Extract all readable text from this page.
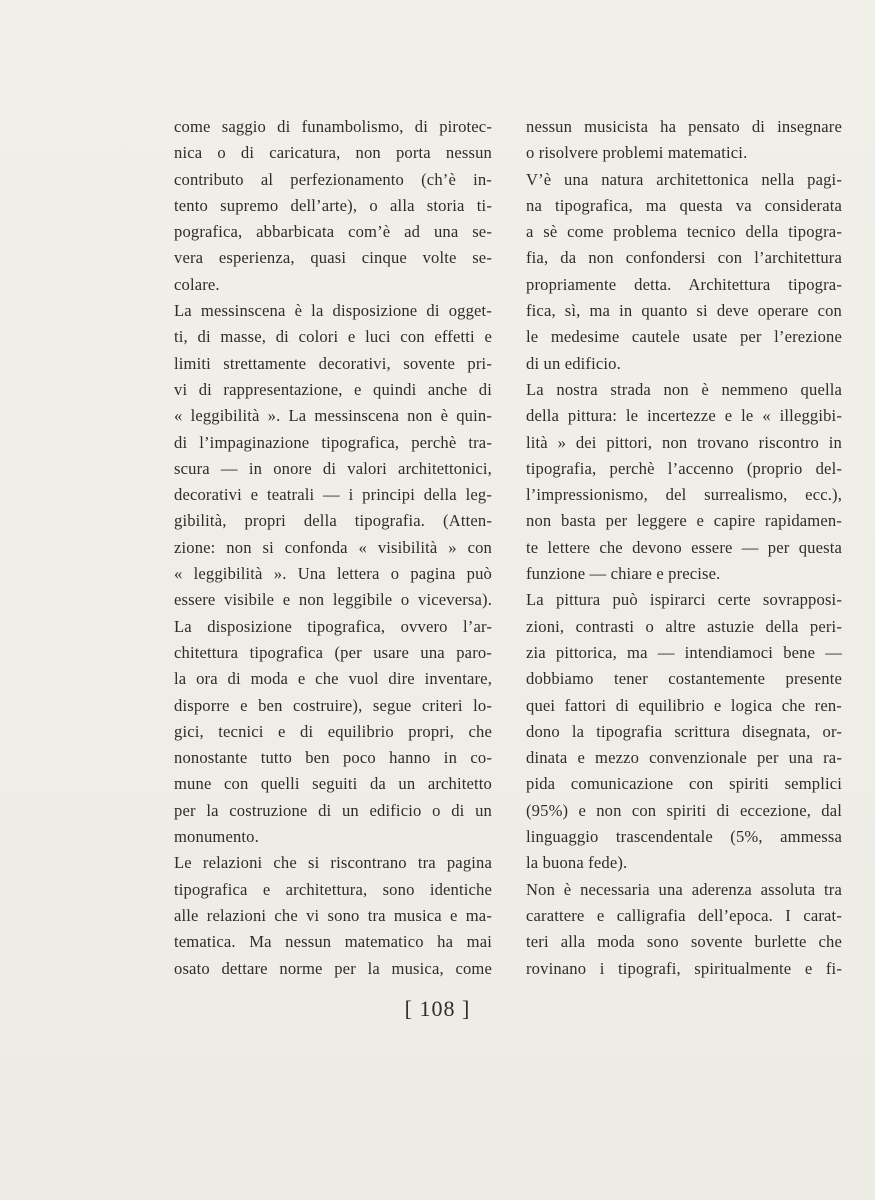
come saggio di funambolismo, di pirotec-
nica o di caricatura, non porta nessun
contributo al perfezionamento (ch’è in-
tento supremo dell’arte), o alla storia ti-
pografica, abbarbicata com’è ad una se-
vera esperienza, quasi cinque volte se-
colare.
La messinscena è la disposizione di ogget-
ti, di masse, di colori e luci con effetti e
limiti strettamente decorativi, sovente pri-
vi di rappresentazione, e quindi anche di
« leggibilità ». La messinscena non è quin-
di l’impaginazione tipografica, perchè tra-
scura — in onore di valori architettonici,
decorativi e teatrali — i principi della leg-
gibilità, propri della tipografia. (Atten-
zione: non si confonda « visibilità » con
« leggibilità ». Una lettera o pagina può
essere visibile e non leggibile o viceversa).
La disposizione tipografica, ovvero l’ar-
chitettura tipografica (per usare una paro-
la ora di moda e che vuol dire inventare,
disporre e ben costruire), segue criteri lo-
gici, tecnici e di equilibrio propri, che
nonostante tutto ben poco hanno in co-
mune con quelli seguiti da un architetto
per la costruzione di un edificio o di un
monumento.
Le relazioni che si riscontrano tra pagina
tipografica e architettura, sono identiche
alle relazioni che vi sono tra musica e ma-
tematica. Ma nessun matematico ha mai
osato dettare norme per la musica, come
nessun musicista ha pensato di insegnare
o risolvere problemi matematici.
V’è una natura architettonica nella pagi-
na tipografica, ma questa va considerata
a sè come problema tecnico della tipogra-
fia, da non confondersi con l’architettura
propriamente detta. Architettura tipogra-
fica, sì, ma in quanto si deve operare con
le medesime cautele usate per l’erezione
di un edificio.
La nostra strada non è nemmeno quella
della pittura: le incertezze e le « illeggibi-
lità » dei pittori, non trovano riscontro in
tipografia, perchè l’accenno (proprio del-
l’impressionismo, del surrealismo, ecc.),
non basta per leggere e capire rapidamen-
te lettere che devono essere — per questa
funzione — chiare e precise.
La pittura può ispirarci certe sovrapposi-
zioni, contrasti o altre astuzie della peri-
zia pittorica, ma — intendiamoci bene —
dobbiamo tener costantemente presente
quei fattori di equilibrio e logica che ren-
dono la tipografia scrittura disegnata, or-
dinata e mezzo convenzionale per una ra-
pida comunicazione con spiriti semplici
(95%) e non con spiriti di eccezione, dal
linguaggio trascendentale (5%, ammessa
la buona fede).
Non è necessaria una aderenza assoluta tra
carattere e calligrafia dell’epoca. I carat-
teri alla moda sono sovente burlette che
rovinano i tipografi, spiritualmente e fi-
[ 108 ]
